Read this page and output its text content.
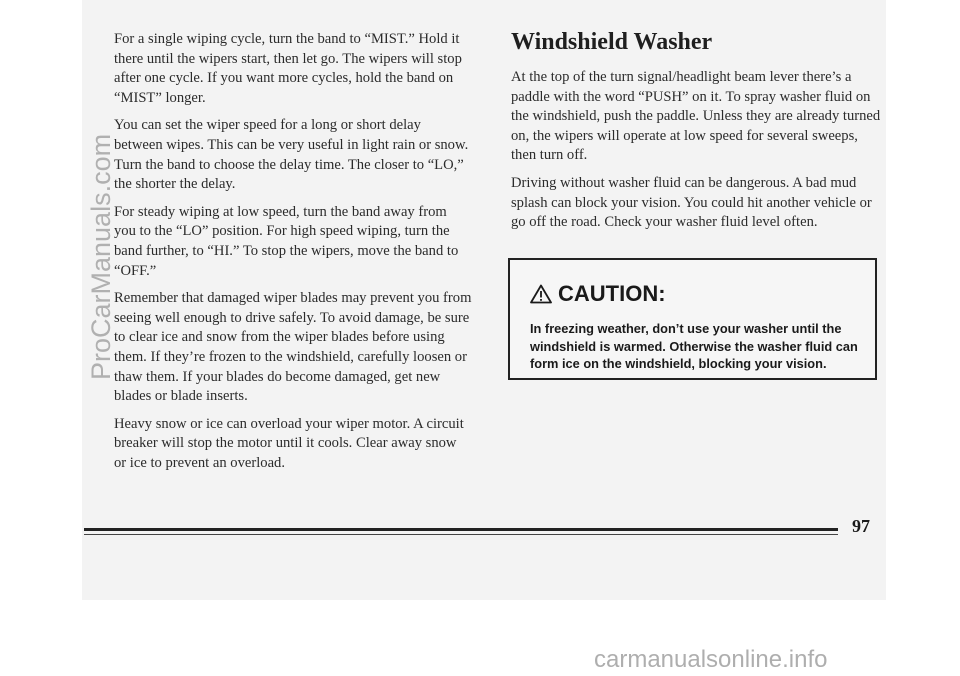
For a single wiping cycle, turn the band to “MIST.” Hold it there until the wipers start, then let go. The wipers will stop after one cycle. If you want more cycles, hold the band on “MIST” longer.

You can set the wiper speed for a long or short delay between wipes. This can be very useful in light rain or snow. Turn the band to choose the delay time. The closer to “LO,” the shorter the delay.

For steady wiping at low speed, turn the band away from you to the “LO” position. For high speed wiping, turn the band further, to “HI.” To stop the wipers, move the band to “OFF.”

Remember that damaged wiper blades may prevent you from seeing well enough to drive safely. To avoid damage, be sure to clear ice and snow from the wiper blades before using them. If they’re frozen to the windshield, carefully loosen or thaw them. If your blades do become damaged, get new blades or blade inserts.

Heavy snow or ice can overload your wiper motor. A circuit breaker will stop the motor until it cools. Clear away snow or ice to prevent an overload.

Windshield Washer

At the top of the turn signal/headlight beam lever there’s a paddle with the word “PUSH” on it. To spray washer fluid on the windshield, push the paddle. Unless they are already turned on, the wipers will operate at low speed for several sweeps, then turn off.

Driving without washer fluid can be dangerous. A bad mud splash can block your vision. You could hit another vehicle or go off the road. Check your washer fluid level often.

CAUTION:
In freezing weather, don’t use your washer until the windshield is warmed. Otherwise the washer fluid can form ice on the windshield, blocking your vision.
97
ProCarManuals.com
carmanualsonline.info
